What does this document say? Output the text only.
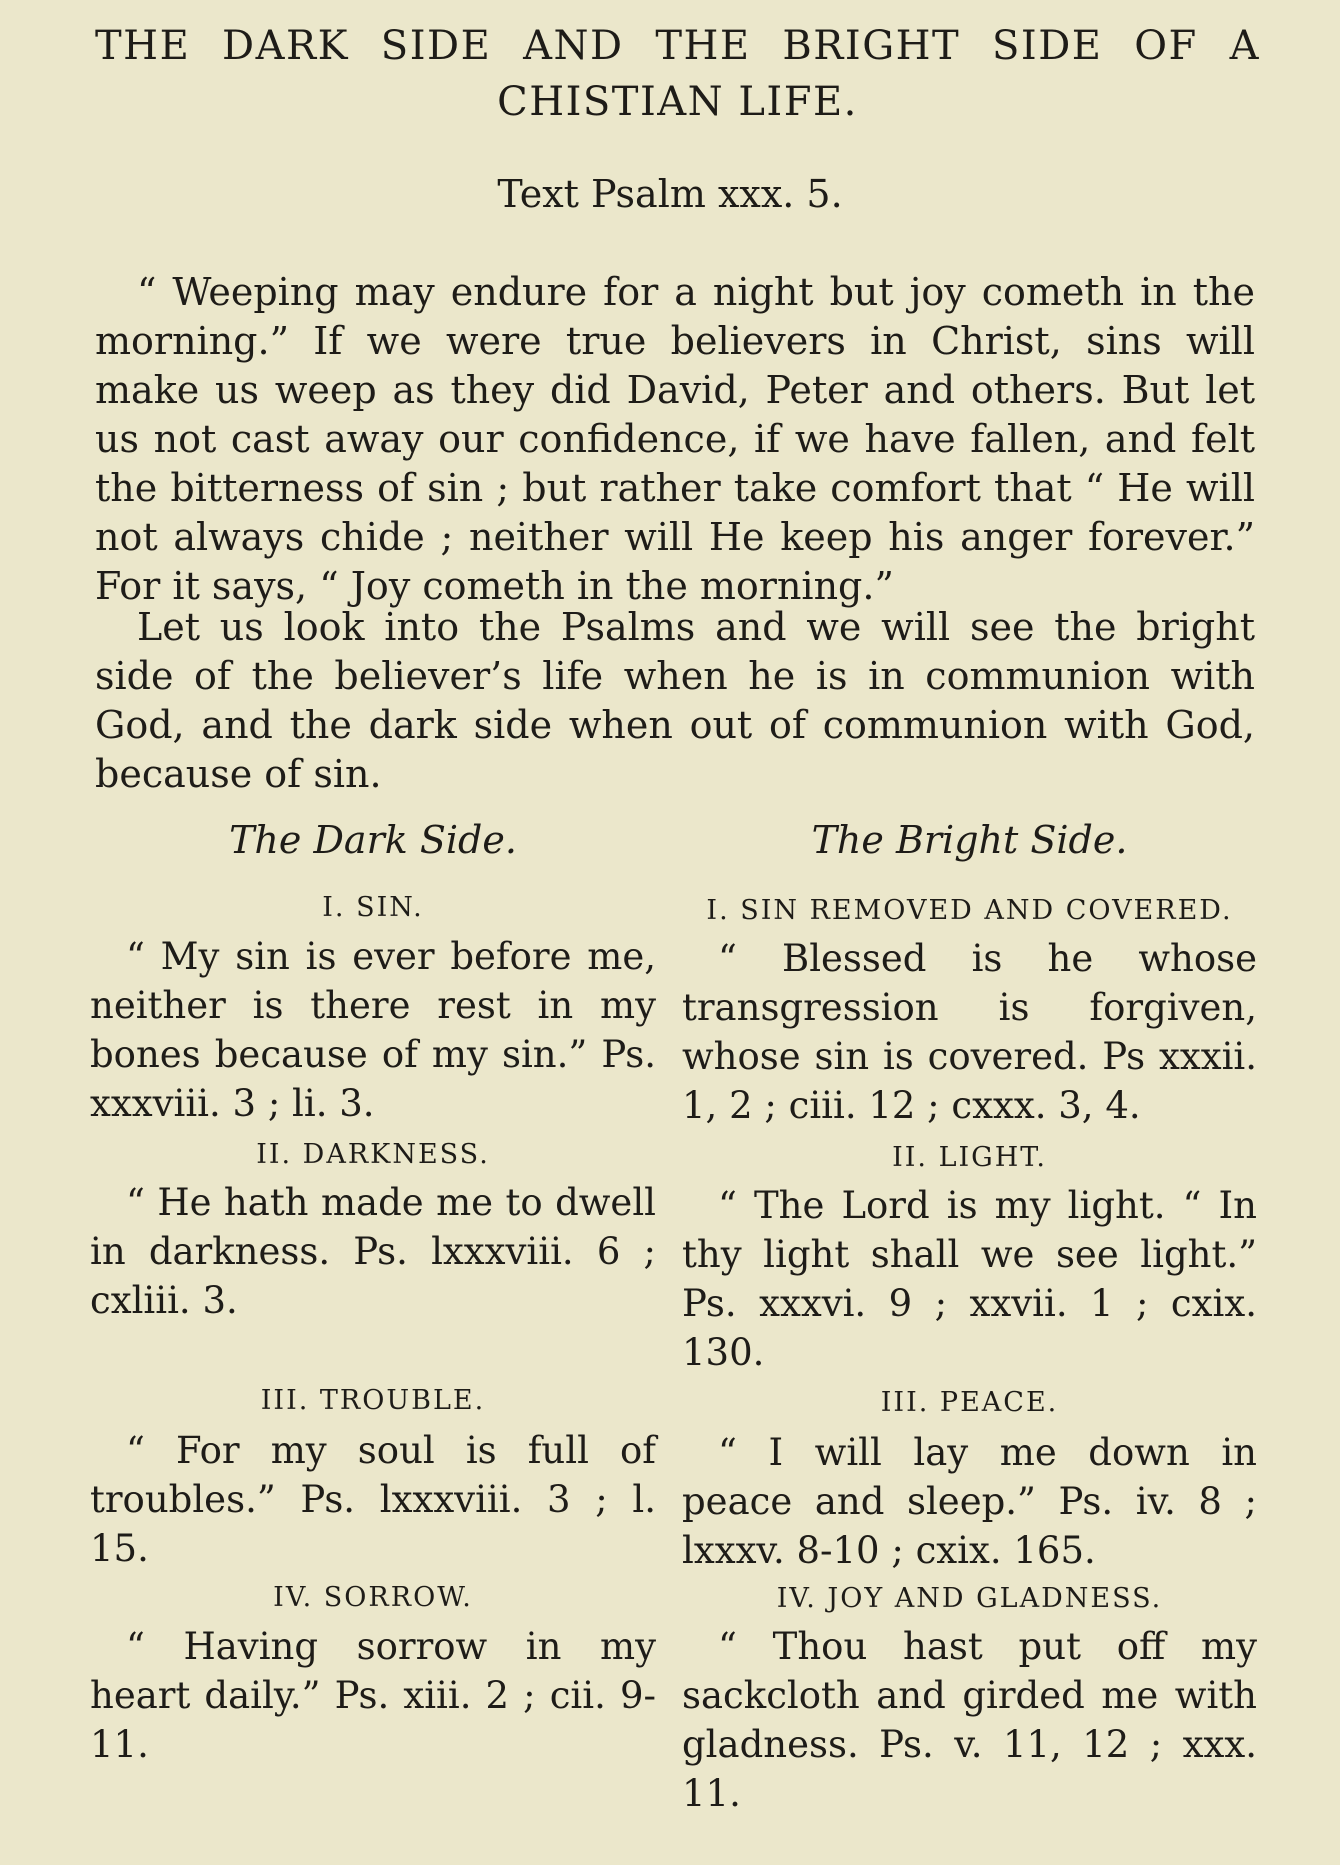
THE DARK SIDE AND THE BRIGHT SIDE OF A
CHISTIAN LIFE.
Text Psalm xxx. 5.

“ Weeping may endure for a night but joy cometh in the morning.” If we were true believers in Christ, sins will make us weep as they did David, Peter and others. But let us not cast away our confidence, if we have fallen, and felt the bitterness of sin ; but rather take comfort that “ He will not always chide ; neither will He keep his anger forever.” For it says, “ Joy cometh in the morning.”

Let us look into the Psalms and we will see the bright side of the believer’s life when he is in communion with God, and the dark side when out of communion with God, because of sin.

The Dark Side.	The Bright Side.
I. SIN.

“ My sin is ever before me, neither is there rest in my bones because of my sin.” Ps. xxxviii. 3 ; li. 3.

II. DARKNESS.

“ He hath made me to dwell in darkness. Ps. lxxxviii. 6 ; cxliii. 3.

III. TROUBLE.

“ For my soul is full of troubles.” Ps. lxxxviii. 3 ; l. 15.

IV. SORROW.

“ Having sorrow in my heart daily.” Ps. xiii. 2 ; cii. 9-11.

I. SIN REMOVED AND COVERED.

“ Blessed is he whose transgression is forgiven, whose sin is covered. Ps xxxii. 1, 2 ; ciii. 12 ; cxxx. 3, 4.

II. LIGHT.

“ The Lord is my light. “ In thy light shall we see light.” Ps. xxxvi. 9 ; xxvii. 1 ; cxix. 130.

III. PEACE.

“ I will lay me down in peace and sleep.” Ps. iv. 8 ; lxxxv. 8-10 ; cxix. 165.

IV. JOY AND GLADNESS.

“ Thou hast put off my sackcloth and girded me with gladness. Ps. v. 11, 12 ; xxx. 11.
